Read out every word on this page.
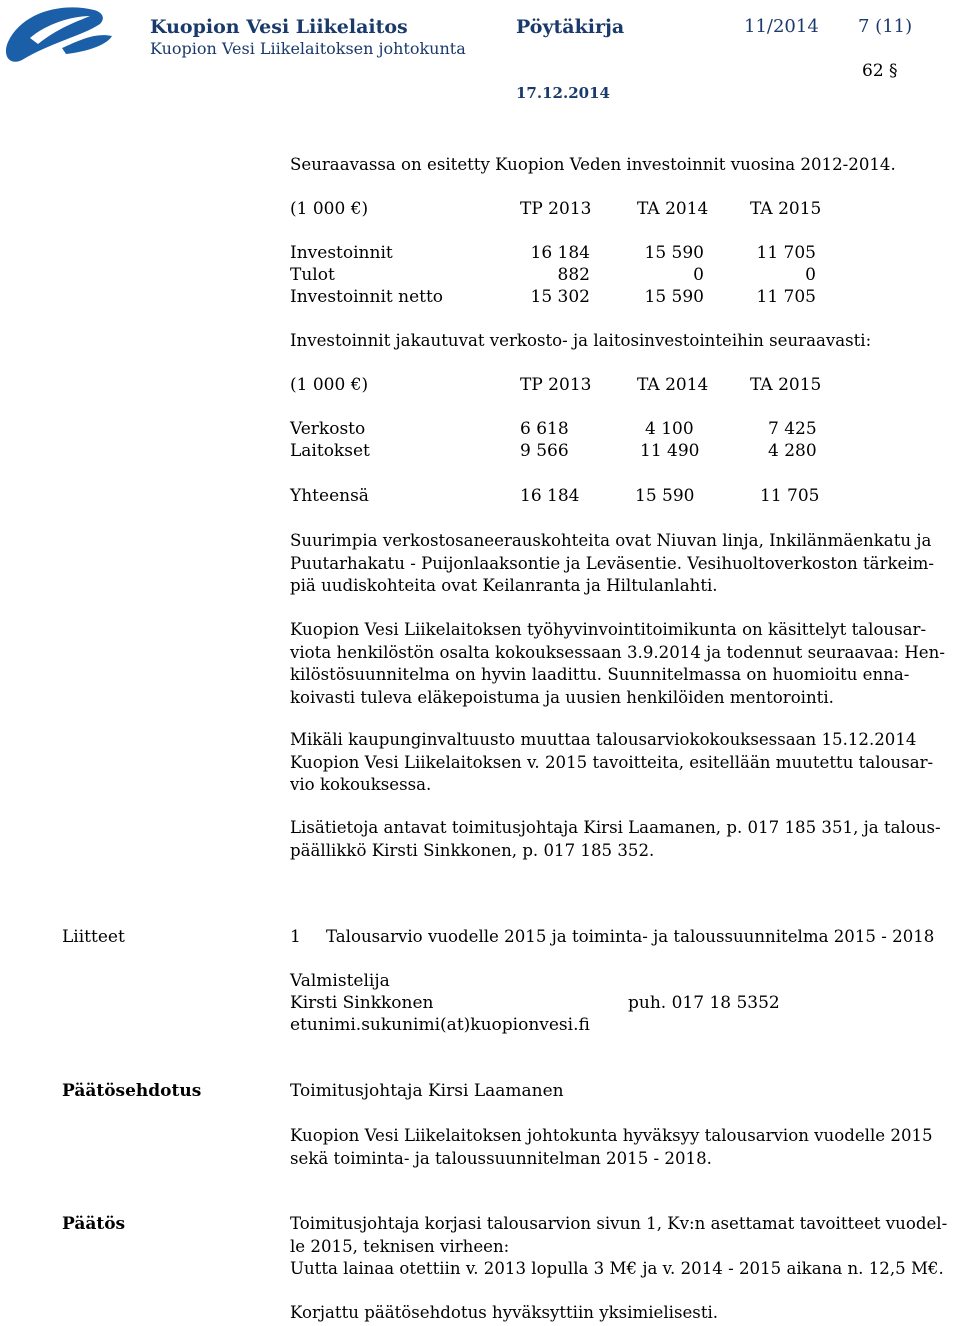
Kuopion Vesi Liikelaitos
Kuopion Vesi Liikelaitoksen johtokunta
Pöytäkirja	11/2014 7 (11)
62 §
17.12.2014
Seuraavassa on esitetty Kuopion Veden investoinnit vuosina 2012-2014.
(1 000 €)	TP 2013	TA 2014 TA 2015
Investoinnit	16 184	15 590	11 705
Tulot	882	0	0
Investoinnit netto	15 302	15 590	11 705
Investoinnit jakautuvat verkosto- ja laitosinvestointeihin seuraavasti:
(1 000 €)	TP 2013	TA 2014 TA 2015
Verkosto	6 618	4 100	7 425
Laitokset	9 566	11 490	4 280
Yhteensä	16 184	15 590	11 705

Suurimpia verkostosaneerauskohteita ovat Niuvan linja, Inkilänmäenkatu ja

Puutarhakatu - Puijonlaaksontie ja Leväsentie. Vesihuoltoverkoston tärkeim-

piä uudiskohteita ovat Keilanranta ja Hiltulanlahti.

Kuopion Vesi Liikelaitoksen työhyvinvointitoimikunta on käsittelyt talousar-

viota henkilöstön osalta kokouksessaan 3.9.2014 ja todennut seuraavaa: Hen-

kilöstösuunnitelma on hyvin laadittu. Suunnitelmassa on huomioitu enna-

koivasti tuleva eläkepoistuma ja uusien henkilöiden mentorointi.

Mikäli kaupunginvaltuusto muuttaa talousarviokokouksessaan 15.12.2014

Kuopion Vesi Liikelaitoksen v. 2015 tavoitteita, esitellään muutettu talousar-

vio kokouksessa.

Lisätietoja antavat toimitusjohtaja Kirsi Laamanen, p. 017 185 351, ja talous-

päällikkö Kirsti Sinkkonen, p. 017 185 352.

Liitteet	1 Talousarvio vuodelle 2015 ja toiminta- ja taloussuunnitelma 2015 - 2018
Valmistelija
Kirsti Sinkkonen	puh. 017 18 5352
etunimi.sukunimi(at)kuopionvesi.fi
Päätösehdotus	Toimitusjohtaja Kirsi Laamanen

Kuopion Vesi Liikelaitoksen johtokunta hyväksyy talousarvion vuodelle 2015

sekä toiminta- ja taloussuunnitelman 2015 - 2018.

Päätös	Toimitusjohtaja korjasi talousarvion sivun 1, Kv:n asettamat tavoitteet vuodel-

le 2015, teknisen virheen:

Uutta lainaa otettiin v. 2013 lopulla 3 M€ ja v. 2014 - 2015 aikana n. 12,5 M€.

Korjattu päätösehdotus hyväksyttiin yksimielisesti.
